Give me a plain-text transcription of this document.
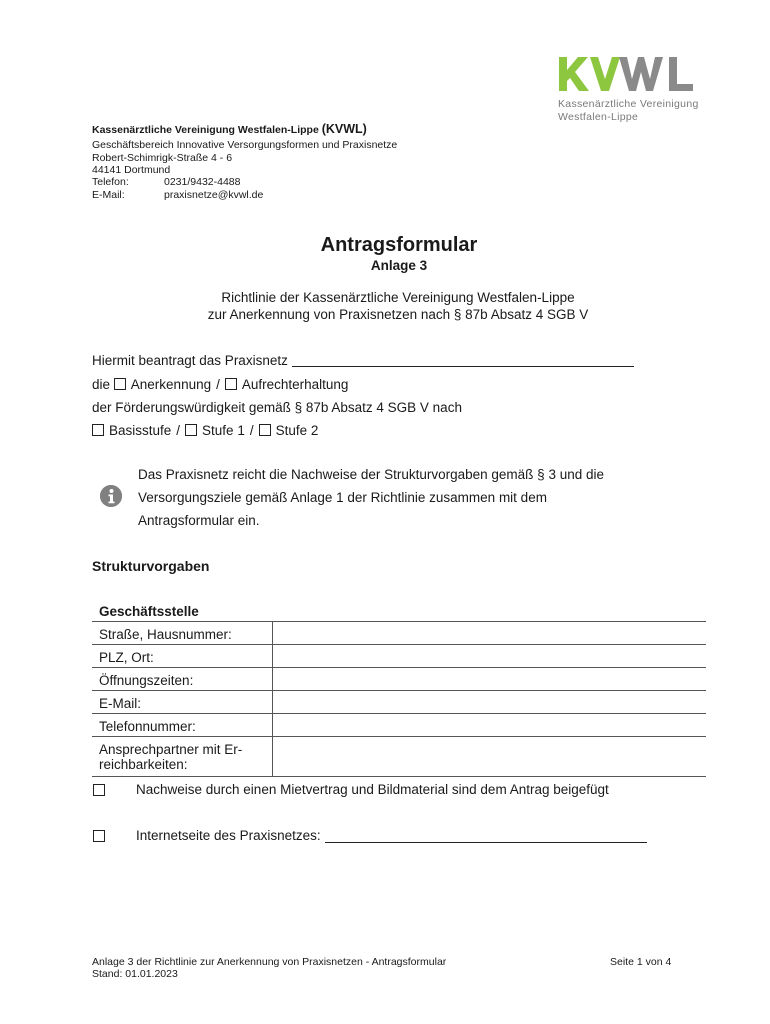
Kassenärztliche Vereinigung
Westfalen-Lippe
Kassenärztliche Vereinigung Westfalen-Lippe (KVWL)
Geschäftsbereich Innovative Versorgungsformen und Praxisnetze
Robert-Schimrigk-Straße 4 - 6
44141 Dortmund
Telefon:	0231/9432-4488
E-Mail:	praxisnetze@kvwl.de
Antragsformular
Anlage 3
Richtlinie der Kassenärztliche Vereinigung Westfalen-Lippe
zur Anerkennung von Praxisnetzen nach § 87b Absatz 4 SGB V
Hiermit beantragt das Praxisnetz
die
Anerkennung / Aufrechterhaltung
der Förderungswürdigkeit gemäß § 87b Absatz 4 SGB V nach
Basisstufe / Stufe 1 / Stufe 2
Das Praxisnetz reicht die Nachweise der Strukturvorgaben gemäß § 3 und die
Versorgungsziele gemäß Anlage 1 der Richtlinie zusammen mit dem
Antragsformular ein.
Strukturvorgaben
Geschäftsstelle
Straße, Hausnummer:
PLZ, Ort:
Öffnungszeiten:
E-Mail:
Telefonnummer:
Ansprechpartner mit Er-
reichbarkeiten:
Nachweise durch einen Mietvertrag und Bildmaterial sind dem Antrag beigefügt
Internetseite des Praxisnetzes:
Anlage 3 der Richtlinie zur Anerkennung von Praxisnetzen - Antragsformular
Stand: 01.01.2023
Seite 1 von 4
